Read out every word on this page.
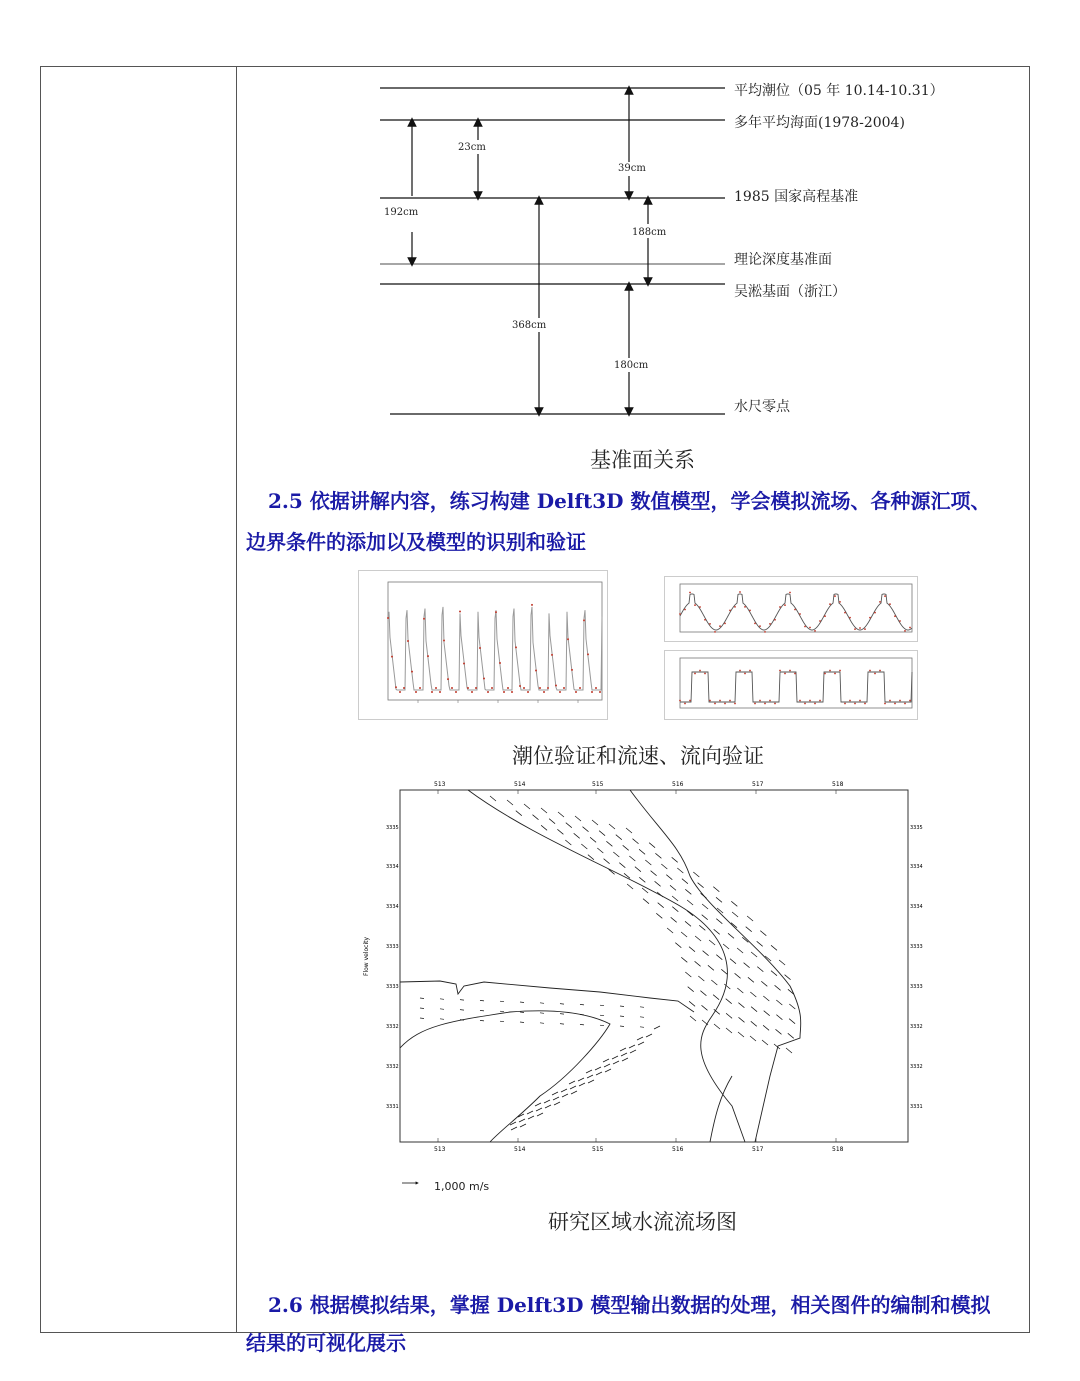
平均潮位（05 年 10.14-10.31）
多年平均海面(1978-2004)
1985 国家高程基准
理论深度基准面
吴淞基面（浙江）
水尺零点
23cm
39cm
192cm
188cm
368cm
180cm
基准面关系
2.5 依据讲解内容，练习构建 Delft3D 数值模型，学会模拟流场、各种源汇项、
边界条件的添加以及模型的识别和验证
潮位验证和流速、流向验证
513	514	515	516	517	518
513	514	515	516	517	518
3335
3334
3334
3333
3333
3332
3332
3331
3335
3334
3334
3333
3333
3332
3332
3331
Flow velocity
1,000 m/s
研究区域水流流场图
2.6 根据模拟结果，掌握 Delft3D 模型输出数据的处理，相关图件的编制和模拟
结果的可视化展示
